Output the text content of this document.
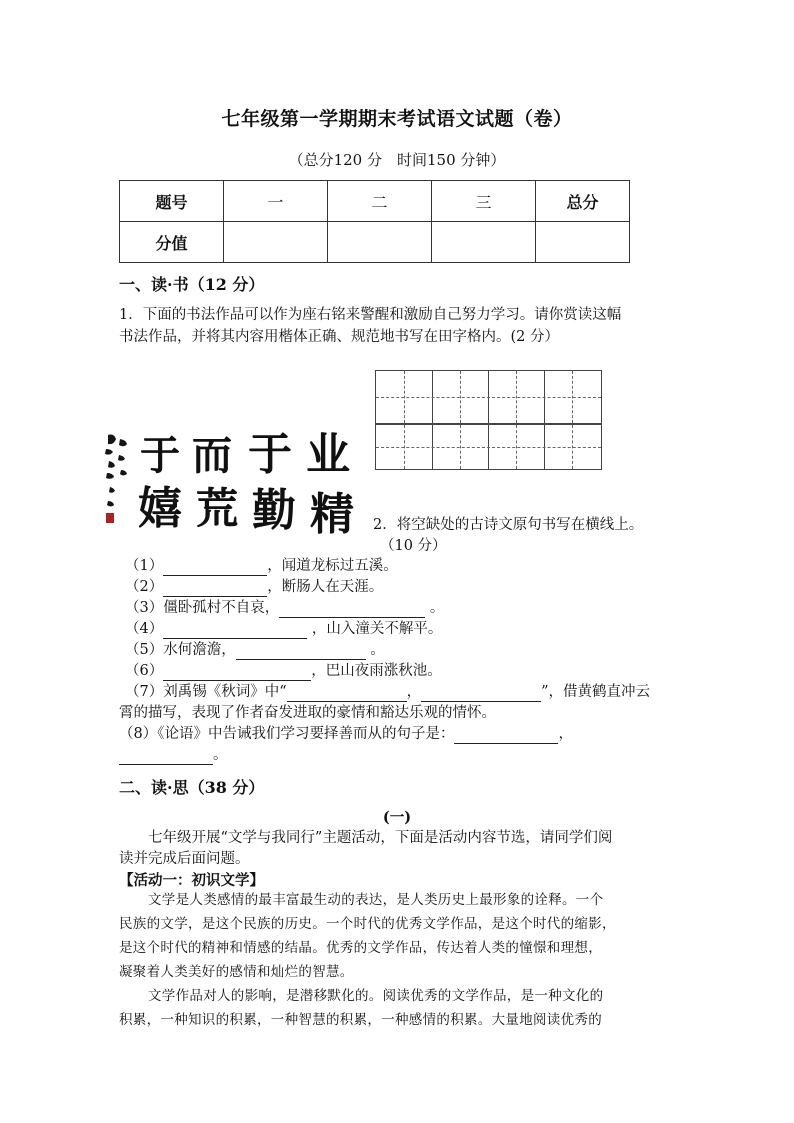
七年级第一学期期末考试语文试题（卷）
（总分120 分　时间150 分钟）
题号	一	二	三	总分
分值				
一、读·书（12 分）
1．下面的书法作品可以作为座右铭来警醒和激励自己努力学习。请你赏读这幅
书法作品，并将其内容用楷体正确、规范地书写在田字格内。(2 分）
于 而 于 业
嬉 荒 勤 精 2．将空缺处的古诗文原句书写在横线上。
（10 分）
（1）	，闻道龙标过五溪。
（2）	，断肠人在天涯。
（3）僵卧孤村不自哀，	。
（4）	，山入潼关不解平。
（5）水何澹澹，	。
（6）	，巴山夜雨涨秋池。
（7）刘禹锡《秋词》中“	，	”，借黄鹤直冲云
霄的描写，表现了作者奋发进取的豪情和豁达乐观的情怀。
（8）《论语》中告诫我们学习要择善而从的句子是：	，
。
二、读·思（38 分）
(一)
七年级开展“文学与我同行”主题活动，下面是活动内容节选，请同学们阅
读并完成后面问题。
【活动一：初识文学】
文学是人类感情的最丰富最生动的表达，是人类历史上最形象的诠释。一个
民族的文学，是这个民族的历史。一个时代的优秀文学作品，是这个时代的缩影，
是这个时代的精神和情感的结晶。优秀的文学作品，传达着人类的憧憬和理想，
凝聚着人类美好的感情和灿烂的智慧。
文学作品对人的影响，是潜移默化的。阅读优秀的文学作品，是一种文化的
积累，一种知识的积累，一种智慧的积累，一种感情的积累。大量地阅读优秀的
